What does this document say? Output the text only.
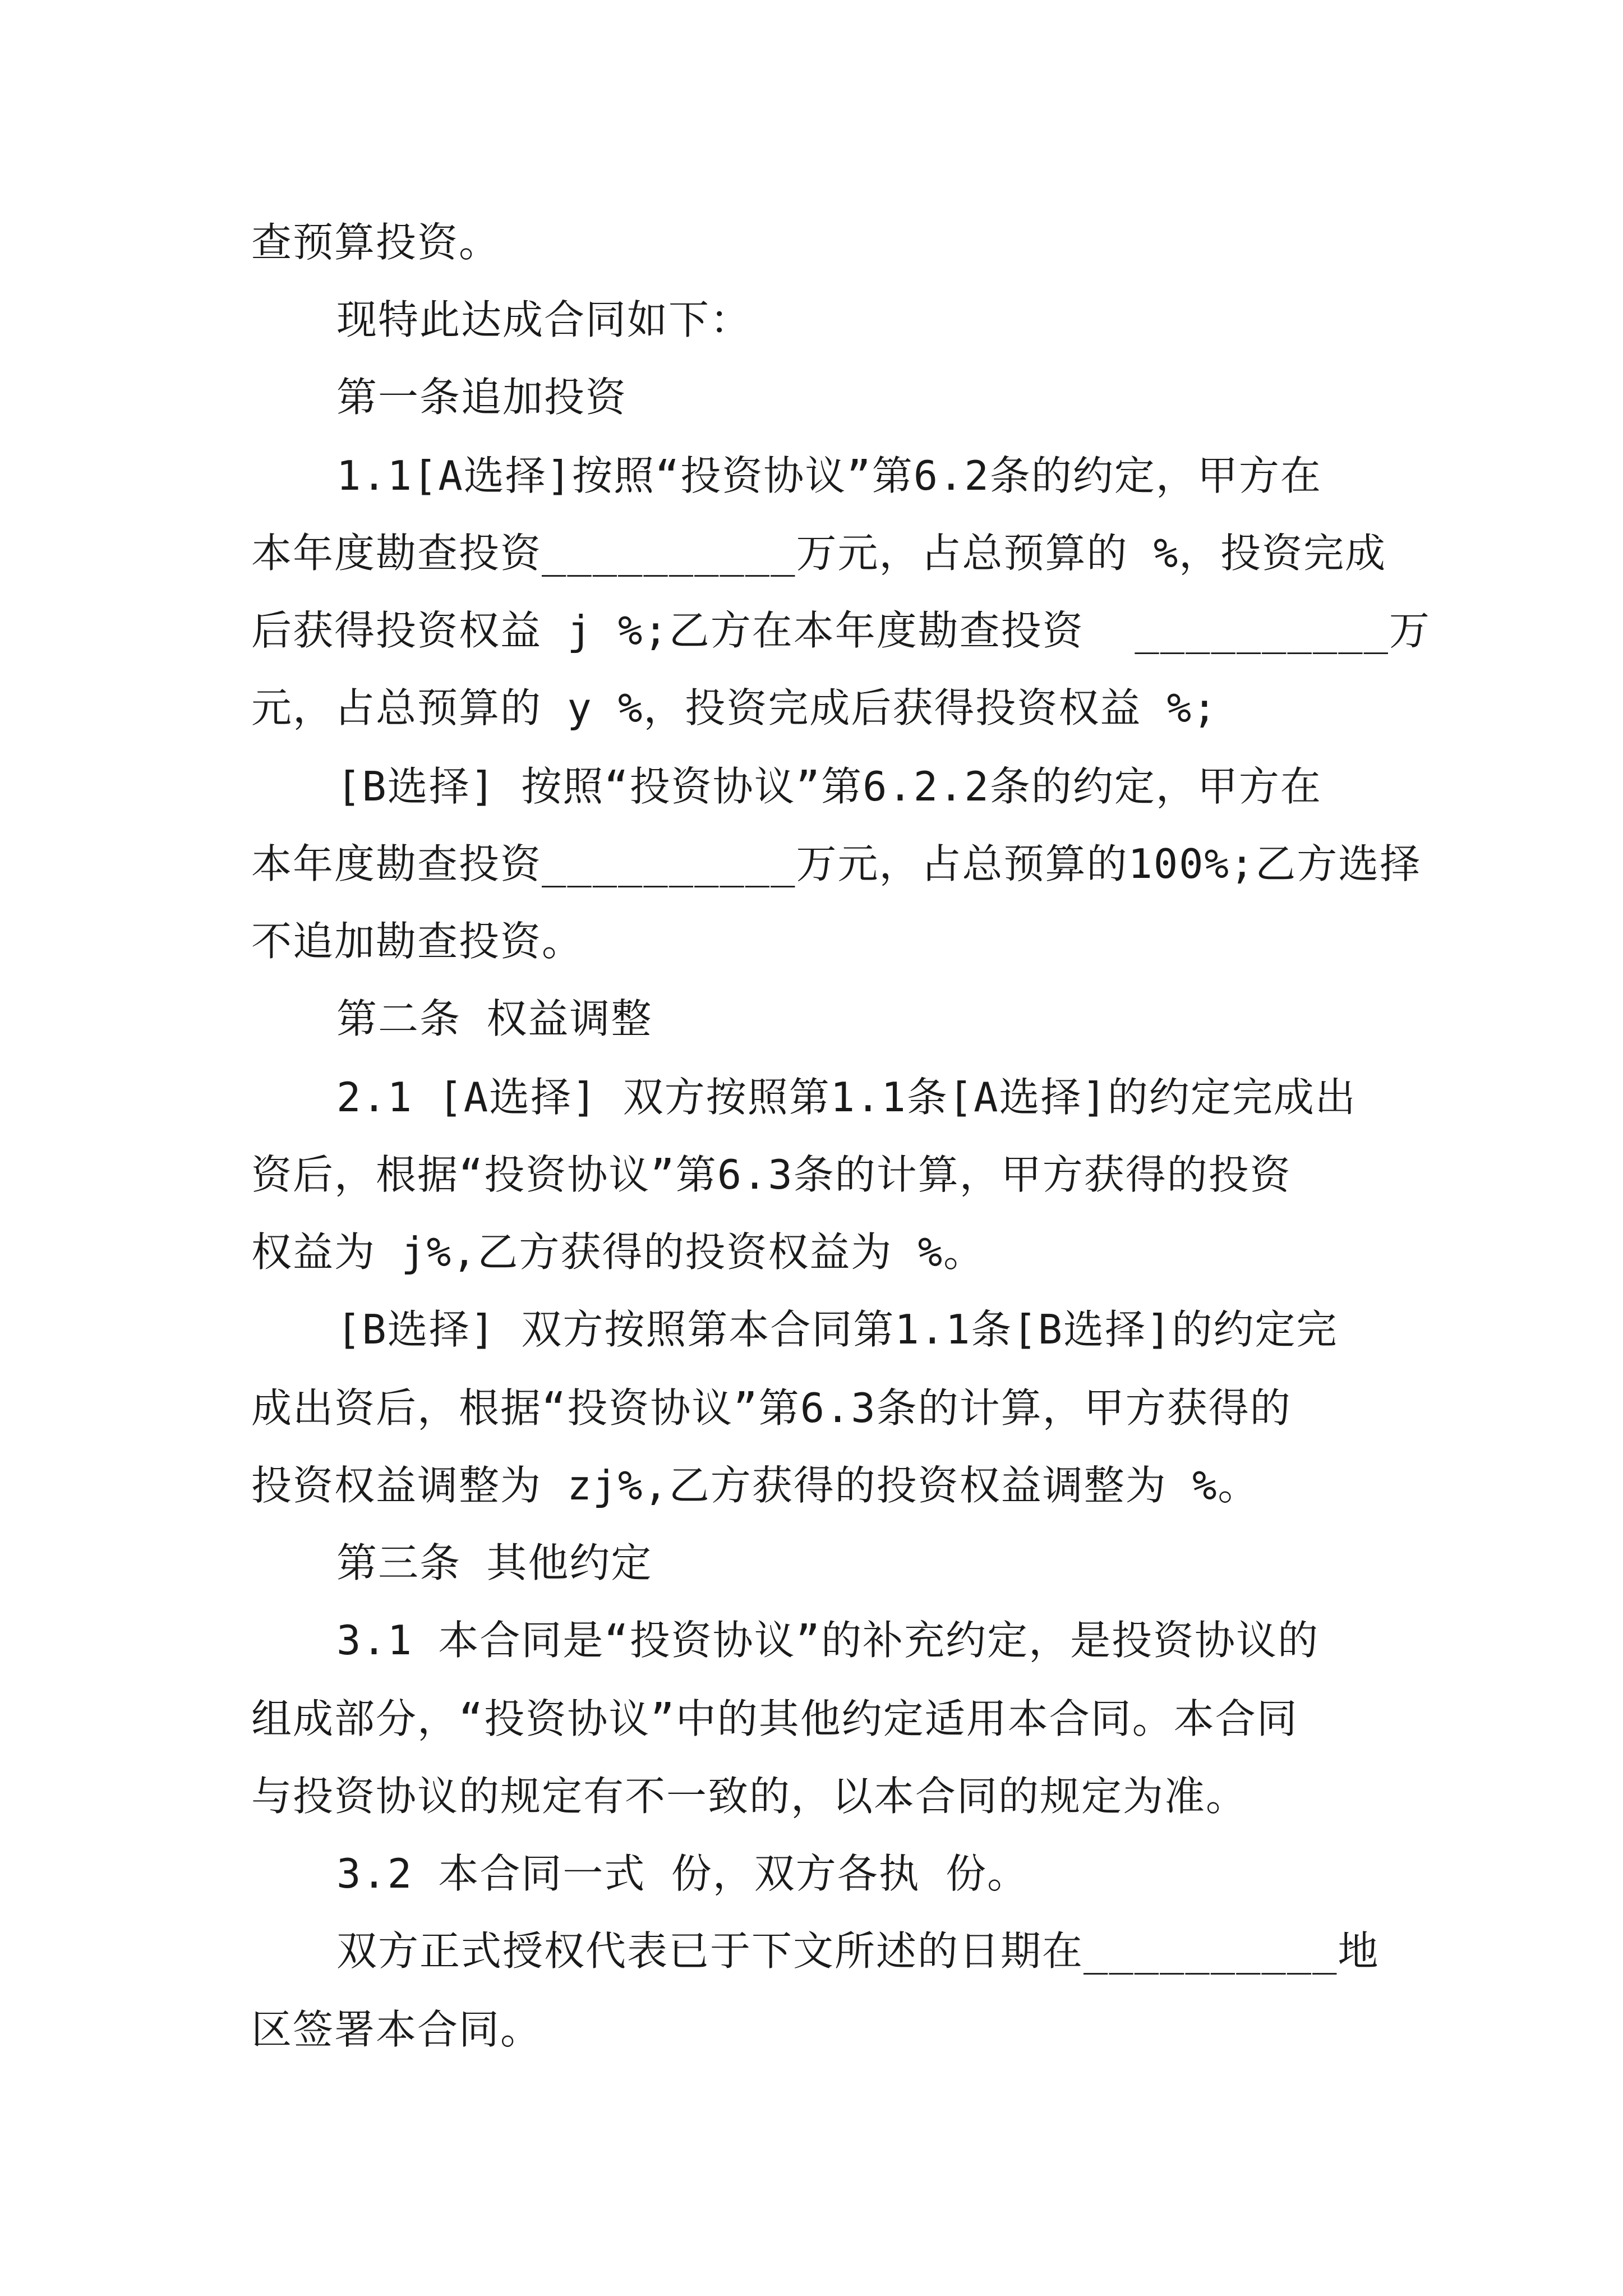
查预算投资。
现特此达成合同如下：
第一条追加投资
1.1[A选择]按照“投资协议”第6.2条的约定，甲方在
本年度勘查投资__________万元，占总预算的 %，投资完成
后获得投资权益 j %;乙方在本年度勘查投资  __________万
元，占总预算的 y %，投资完成后获得投资权益 %;
[B选择] 按照“投资协议”第6.2.2条的约定，甲方在
本年度勘查投资__________万元，占总预算的100%;乙方选择
不追加勘查投资。
第二条 权益调整
2.1 [A选择] 双方按照第1.1条[A选择]的约定完成出
资后，根据“投资协议”第6.3条的计算，甲方获得的投资
权益为 j%,乙方获得的投资权益为 %。
[B选择] 双方按照第本合同第1.1条[B选择]的约定完
成出资后，根据“投资协议”第6.3条的计算，甲方获得的
投资权益调整为 zj%,乙方获得的投资权益调整为 %。
第三条 其他约定
3.1 本合同是“投资协议”的补充约定，是投资协议的
组成部分，“投资协议”中的其他约定适用本合同。本合同
与投资协议的规定有不一致的，以本合同的规定为准。
3.2 本合同一式 份，双方各执 份。
双方正式授权代表已于下文所述的日期在__________地
区签署本合同。
